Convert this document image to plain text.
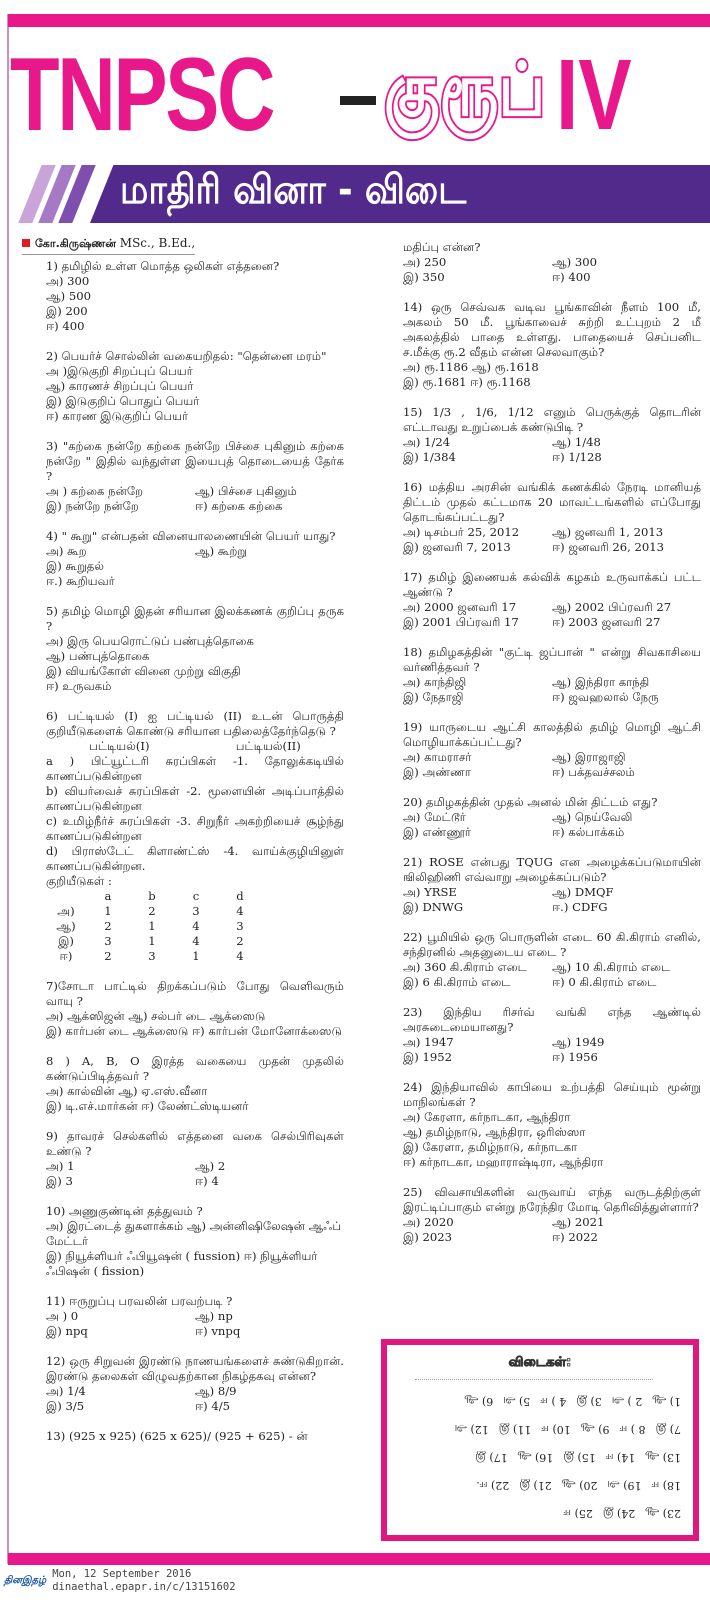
TNPSC குரூப் IV
மாதிரி வினா - விடை
கோ.கிருஷ்ணன் MSc., B.Ed.,

1) தமிழில் உள்ள மொத்த ஒலிகள் எத்தனை?

அ) 300
ஆ) 500
இ) 200
ஈ) 400

2) பெயர்ச் சொல்லின் வகையறிதல்: "தென்னை மரம்"

அ )இடுகுறி சிறப்புப் பெயர்
ஆ) காரணச் சிறப்புப் பெயர்
இ) இடுகுறிப் பொதுப் பெயர்
ஈ) காரண இடுகுறிப் பெயர்

3) "கற்கை நன்றே கற்கை நன்றே பிச்சை புகினும் கற்கை நன்றே " இதில் வந்துள்ள இயைபுத் தொடையைத் தேர்க ?

அ ) கற்கை நன்றே	ஆ) பிச்சை புகினும்
இ) நன்றே நன்றே	ஈ) கற்கை கற்கை

4) " கூறு" என்பதன் வினையாலணையின் பெயர் யாது?

அ) கூற	ஆ) கூற்று
இ) கூறுதல்
ஈ.) கூறியவர்

5) தமிழ் மொழி இதன் சரியான இலக்கணக் குறிப்பு தருக ?

அ) இரு பெயரொட்டுப் பண்புத்தொகை
ஆ) பண்புத்தொகை
இ) வியங்கோள் வினை முற்று விகுதி
ஈ) உருவகம்

6) பட்டியல் (I) ஐ பட்டியல் (II) உடன் பொருத்தி குறியீடுகளைக் கொண்டு சரியான பதிலைத்தேர்ந்தெடு ?

பட்டியல்(I)	பட்டியல்(II)

a ) பிட்யூட்டரி சுரப்பிகள் -1. தோலுக்கடியில் காணப்படுகின்றன

b) வியர்வைச் சுரப்பிகள் -2. மூளையின் அடிப்பாத்தில் காணப்படுகின்றன

c) உமிழ்நீர்ச் சுரப்பிகள் -3. சிறுநீர் அகற்றியைச் சூழ்ந்து காணப்படுகின்றன

d) பிராஸ்டேட் கிளாண்ட்ஸ் -4. வாய்க்குழியினுள் காணப்படுகின்றன.

குறியீடுகள் :
a	b	c	d
அ)	1	2	3	4
ஆ)	2	1	4	3
இ)	3	1	4	2
ஈ)	2	3	1	4

7)சோடா பாட்டில் திறக்கப்படும் போது வெளிவரும் வாயு ?

அ) ஆக்ஸிஜன் ஆ) சல்பர் டை ஆக்ஸைடு
இ) கார்பன் டை ஆக்ஸைடு ஈ) கார்பன் மோனோக்ஸைடு

8 ) A, B, O இரத்த வகையை முதன் முதலில் கண்டுப்பிடித்தவர் ?

அ) கால்வின் ஆ) ஏ.எஸ்.வீனா
இ) டி.எச்.மார்கன் ஈ) லேண்ட்ஸ்டியனர்

9) தாவரச் செல்களில் எத்தனை வகை செல்பிரிவுகள் உண்டு ?

அ) 1	ஆ) 2
இ) 3	ஈ) 4

10) அணுகுண்டின் தத்துவம் ?

அ) இரட்டைத் துகளாக்கம் ஆ) அன்னிஷிலேஷன் ஆஃப் மேட்டர்
இ) நியூக்ளியர் ஃபியூஷன் ( fussion) ஈ) நியூக்ளியர் ஃபிஷன் ( fission)

11) ஈருறுப்பு பரவலின் பரவற்படி ?

அ ) 0	ஆ) np
இ) npq	ஈ) vnpq

12) ஒரு சிறுவன் இரண்டு நாணயங்களைச் சுண்டுகிறான். இரண்டு தலைகள் விழுவதற்கான நிகழ்தகவு என்ன?

அ) 1/4	ஆ) 8/9
இ) 3/5	ஈ) 4/5

13) (925 x 925) (625 x 625)/ (925 + 625) - ன்

மதிப்பு என்ன?

அ) 250	ஆ) 300
இ) 350	ஈ) 400

14) ஒரு செவ்வக வடிவ பூங்காவின் நீளம் 100 மீ, அகலம் 50 மீ. பூங்காவைச் சுற்றி உட்புறம் 2 மீ அகலத்தில் பாதை உள்ளது. பாதையைச் செப்பனிட ச.மீக்கு ரூ.2 வீதம் என்ன செலவாகும்?

அ) ரூ.1186 ஆ) ரூ.1618
இ) ரூ.1681 ஈ) ரூ.1168

15) 1/3 , 1/6, 1/12 எனும் பெருக்குத் தொடரின் எட்டாவது உறுப்பைக் கண்டுபிடி ?

அ) 1/24	ஆ) 1/48
இ) 1/384	ஈ) 1/128

16) மத்திய அரசின் வங்கிக் கணக்கில் நேரடி மானியத் திட்டம் முதல் கட்டமாக 20 மாவட்டங்களில் எப்போது தொடங்கப்பட்டது?

அ) டிசம்பர் 25, 2012	ஆ) ஜனவரி 1, 2013
இ) ஜனவரி 7, 2013	ஈ) ஜனவரி 26, 2013

17) தமிழ் இணையக் கல்விக் கழகம் உருவாக்கப் பட்ட ஆண்டு ?

அ) 2000 ஜனவரி 17	ஆ) 2002 பிப்ரவரி 27
இ) 2001 பிப்ரவரி 17	ஈ) 2003 ஜனவரி 27

18) தமிழகத்தின் "குட்டி ஜப்பான் " என்று சிவகாசியை வர்ணித்தவர் ?

அ) காந்திஜி	ஆ) இந்திரா காந்தி
இ) நேதாஜி	ஈ) ஜவஹலால் நேரு

19) யாருடைய ஆட்சி காலத்தில் தமிழ் மொழி ஆட்சி மொழியாக்கப்பட்டது?

அ) காமராசர்	ஆ) இராஜாஜி
இ) அண்ணா	ஈ) பக்தவச்சலம்

20) தமிழகத்தின் முதல் அனல் மின் திட்டம் எது?

அ) மேட்டூர்	ஆ) நெய்வேலி
இ) எண்ணூர்	ஈ) கல்பாக்கம்

21) ROSE என்பது TQUG என அழைக்கப்படுமாயின் ஙிலிஹிணி எவ்வாறு அழைக்கப்படும்?

அ) YRSE	ஆ) DMQF
இ) DNWG	ஈ.) CDFG

22) பூமியில் ஒரு பொருளின் எடை 60 கி.கிராம் எனில், சந்திரனில் அதனுடைய எடை ?

அ) 360 கி.கிராம் எடை	ஆ) 10 கி.கிராம் எடை
இ) 6 கி.கிராம் எடை	ஈ) 0 கி.கிராம் எடை

23) இந்திய ரிசர்வ் வங்கி எந்த ஆண்டில் அரசுடைமையானது?

அ) 1947	ஆ) 1949
இ) 1952	ஈ) 1956

24) இந்தியாவில் காபியை உற்பத்தி செய்யும் மூன்று மாநிலங்கள் ?

அ) கேரளா, கர்நாடகா, ஆந்திரா
ஆ) தமிழ்நாடு, ஆந்திரா, ஒரிஸ்ஸா
இ) கேரளா, தமிழ்நாடு, கர்நாடகா
ஈ) கர்நாடகா, மஹாராஷ்டிரா, ஆந்திரா

25) விவசாயிகளின் வருவாய் எந்த வருடத்திற்குள் இரட்டிப்பாகும் என்று நரேந்திர மோடி தெரிவித்துள்ளார்?

அ) 2020	ஆ) 2021
இ) 2023	ஈ) 2022
விடைகள்:
1) ஆ2 ) அ3) இ4 ) ஈ5) அ6) ஆ
7) இ8 ) ஈ9) ஆ10) ஈ11) இ12) அ
13) ஆ14) ஈ15) இ16) ஆ17) இ
18) ஈ19) அ20) ஆ21) இ22) ஈ.
23) ஆ24) இ25) ஈ
தினஇதழ்
Mon, 12 September 2016
dinaethal.epapr.in/c/13151602
